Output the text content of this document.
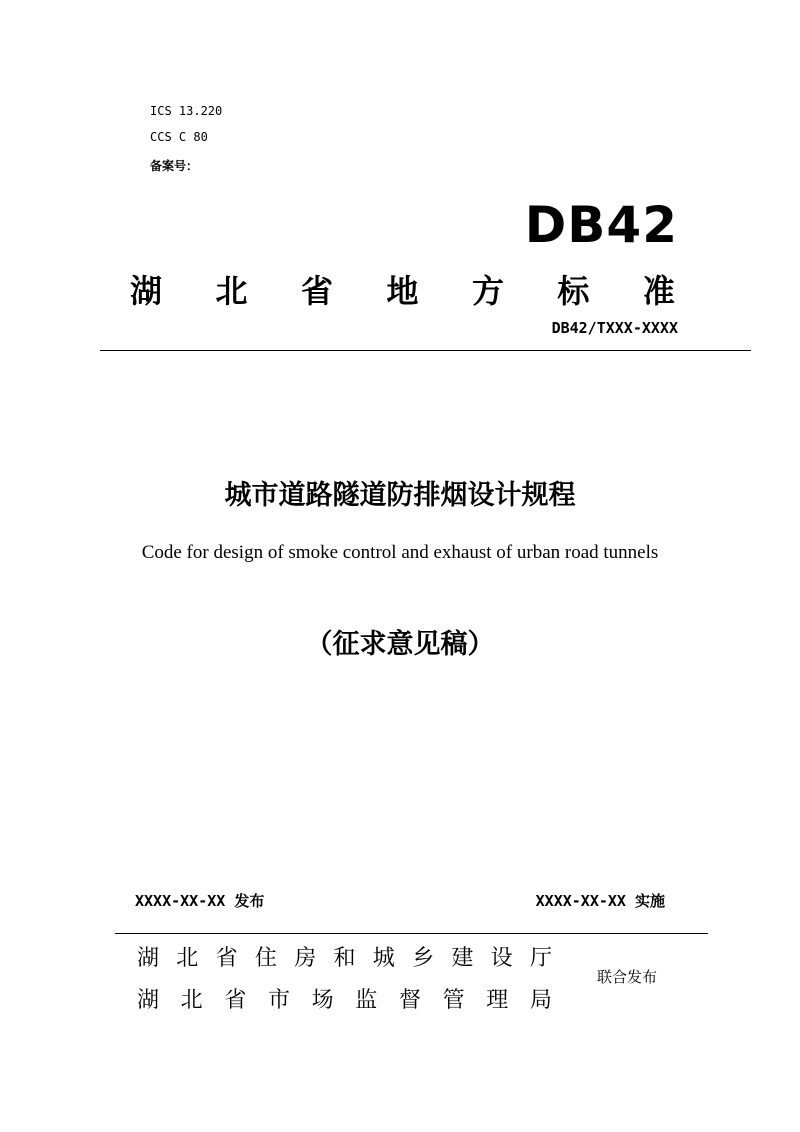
ICS 13.220
CCS C 80
备案号：
DB42
湖 北 省 地 方 标 准
DB42/TXXX-XXXX
城市道路隧道防排烟设计规程
Code for design of smoke control and exhaust of urban road tunnels
（征求意见稿）
XXXX-XX-XX 发布	XXXX-XX-XX 实施
湖 北 省 住 房 和 城 乡 建 设 厅
湖 北 省 市 场 监 督 管 理 局
联合发布
